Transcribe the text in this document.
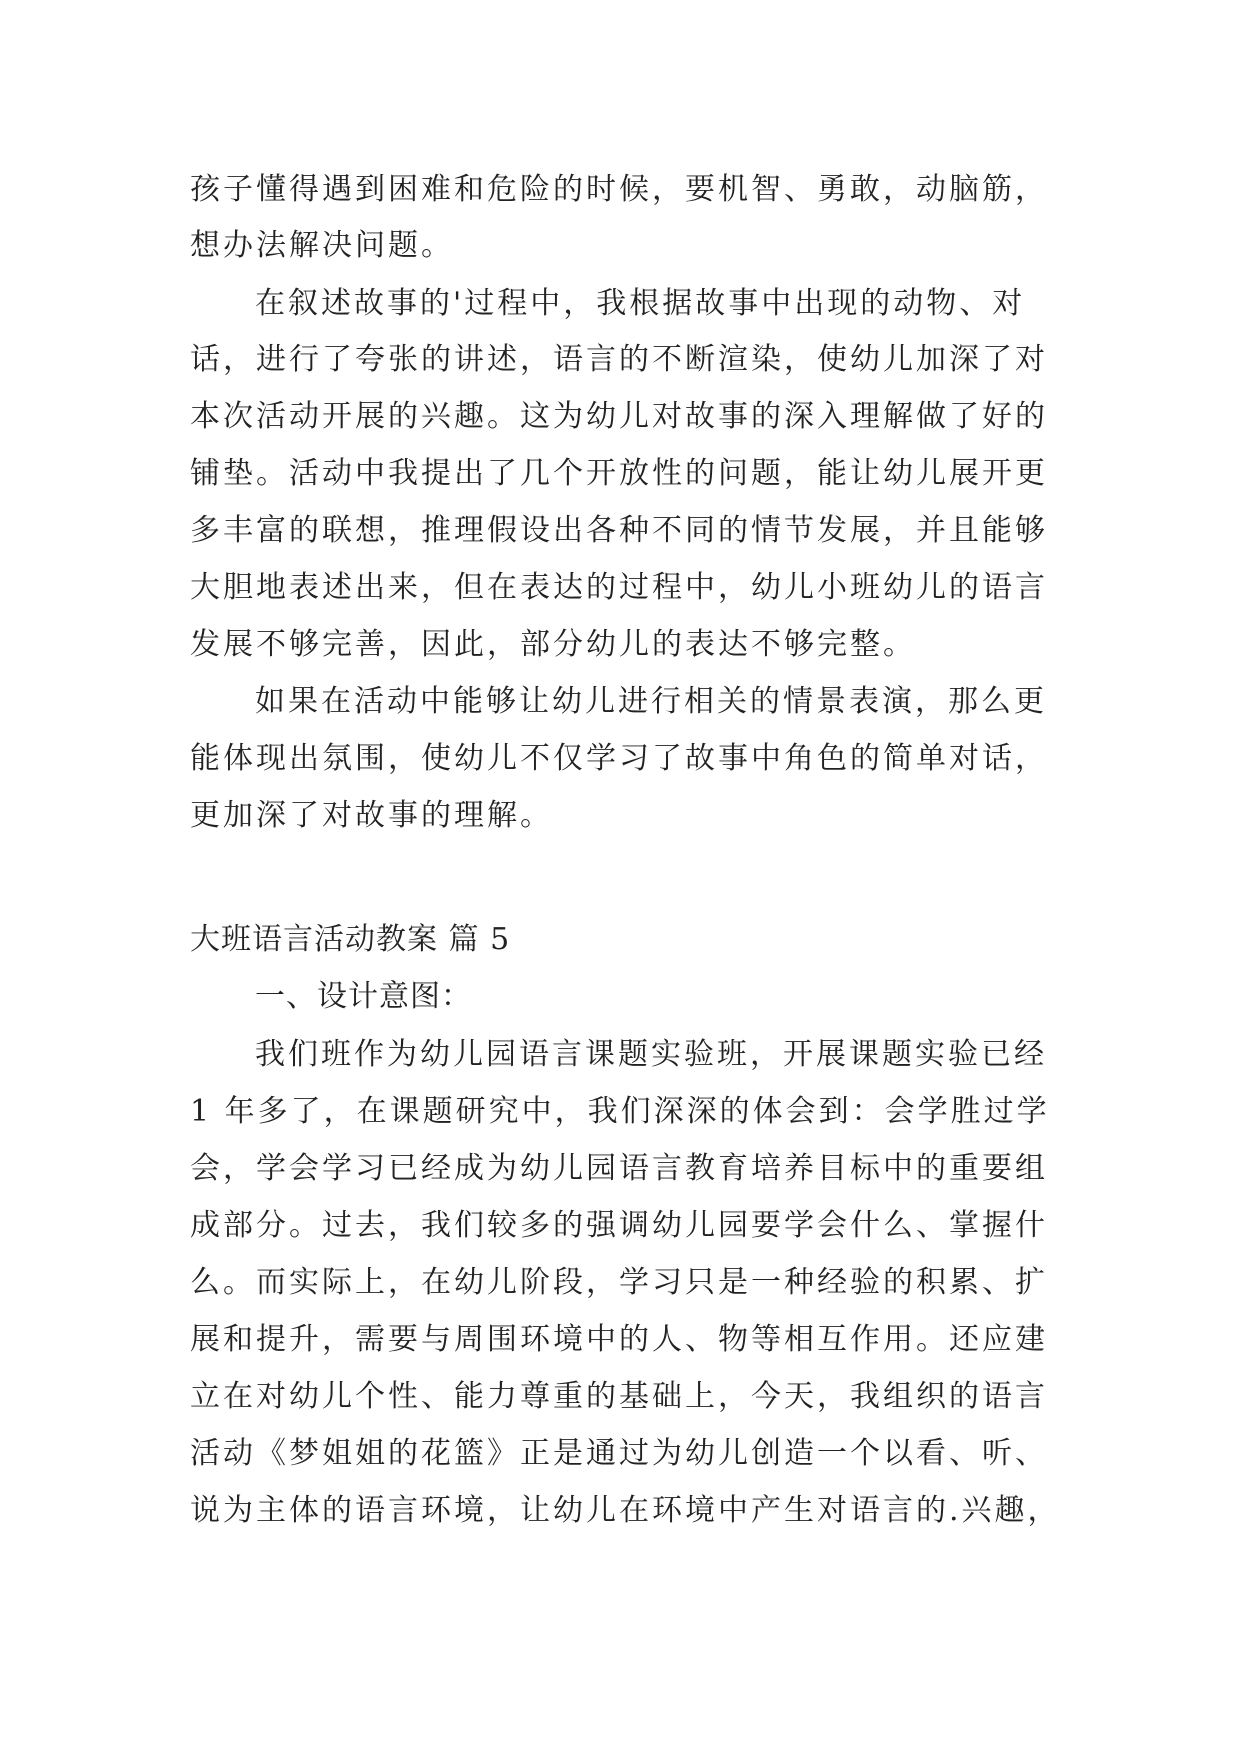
孩子懂得遇到困难和危险的时候，要机智、勇敢，动脑筋，
想办法解决问题。
在叙述故事的'过程中，我根据故事中出现的动物、对
话，进行了夸张的讲述，语言的不断渲染，使幼儿加深了对
本次活动开展的兴趣。这为幼儿对故事的深入理解做了好的
铺垫。活动中我提出了几个开放性的问题，能让幼儿展开更
多丰富的联想，推理假设出各种不同的情节发展，并且能够
大胆地表述出来，但在表达的过程中，幼儿小班幼儿的语言
发展不够完善，因此，部分幼儿的表达不够完整。
如果在活动中能够让幼儿进行相关的情景表演，那么更
能体现出氛围，使幼儿不仅学习了故事中角色的简单对话，
更加深了对故事的理解。
大班语言活动教案 篇 5
一、设计意图：
我们班作为幼儿园语言课题实验班，开展课题实验已经
1 年多了，在课题研究中，我们深深的体会到：会学胜过学
会，学会学习已经成为幼儿园语言教育培养目标中的重要组
成部分。过去，我们较多的强调幼儿园要学会什么、掌握什
么。而实际上，在幼儿阶段，学习只是一种经验的积累、扩
展和提升，需要与周围环境中的人、物等相互作用。还应建
立在对幼儿个性、能力尊重的基础上，今天，我组织的语言
活动《梦姐姐的花篮》正是通过为幼儿创造一个以看、听、
说为主体的语言环境，让幼儿在环境中产生对语言的.兴趣，
